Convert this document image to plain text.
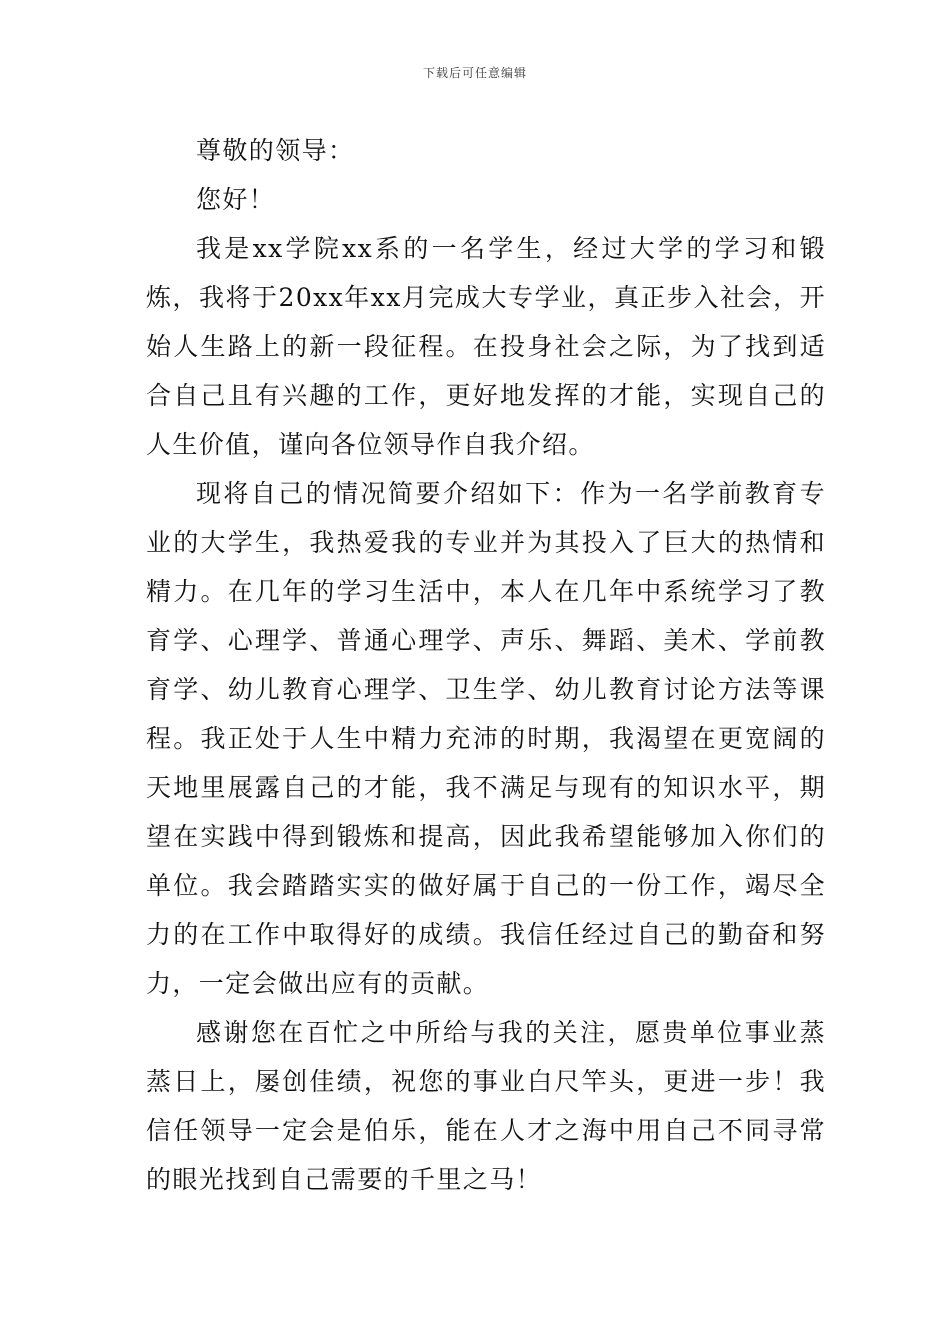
下载后可任意编辑

尊敬的领导：

您好！

我是xx学院xx系的一名学生，经过大学的学习和锻炼，我将于20xx年xx月完成大专学业，真正步入社会，开始人生路上的新一段征程。在投身社会之际，为了找到适合自己且有兴趣的工作，更好地发挥的才能，实现自己的人生价值，谨向各位领导作自我介绍。

现将自己的情况简要介绍如下：作为一名学前教育专业的大学生，我热爱我的专业并为其投入了巨大的热情和精力。在几年的学习生活中，本人在几年中系统学习了教育学、心理学、普通心理学、声乐、舞蹈、美术、学前教育学、幼儿教育心理学、卫生学、幼儿教育讨论方法等课程。我正处于人生中精力充沛的时期，我渴望在更宽阔的天地里展露自己的才能，我不满足与现有的知识水平，期望在实践中得到锻炼和提高，因此我希望能够加入你们的单位。我会踏踏实实的做好属于自己的一份工作，竭尽全力的在工作中取得好的成绩。我信任经过自己的勤奋和努力，一定会做出应有的贡献。

感谢您在百忙之中所给与我的关注，愿贵单位事业蒸蒸日上，屡创佳绩，祝您的事业白尺竿头，更进一步！我信任领导一定会是伯乐，能在人才之海中用自己不同寻常的眼光找到自己需要的千里之马！
